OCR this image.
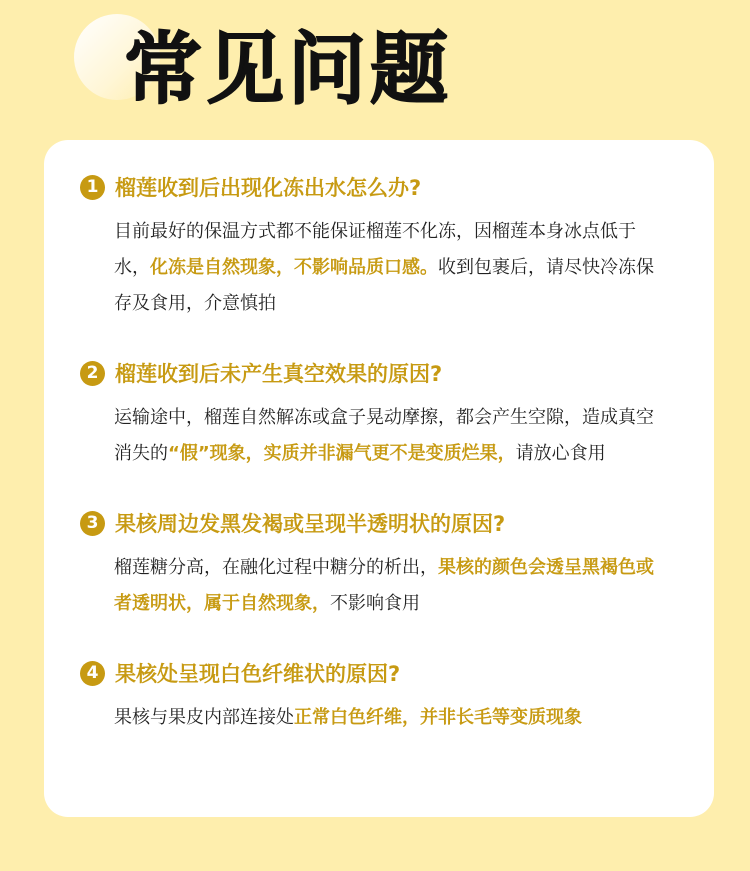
常见问题
1 榴莲收到后出现化冻出水怎么办?
目前最好的保温方式都不能保证榴莲不化冻，因榴莲本身冰点低于水，化冻是自然现象，不影响品质口感。收到包裹后，请尽快冷冻保存及食用，介意慎拍
2 榴莲收到后未产生真空效果的原因?
运输途中，榴莲自然解冻或盒子晃动摩擦，都会产生空隙，造成真空消失的“假”现象，实质并非漏气更不是变质烂果，请放心食用
3 果核周边发黑发褐或呈现半透明状的原因?
榴莲糖分高，在融化过程中糖分的析出，果核的颜色会透呈黑褐色或者透明状，属于自然现象，不影响食用
4 果核处呈现白色纤维状的原因?
果核与果皮内部连接处正常白色纤维，并非长毛等变质现象
